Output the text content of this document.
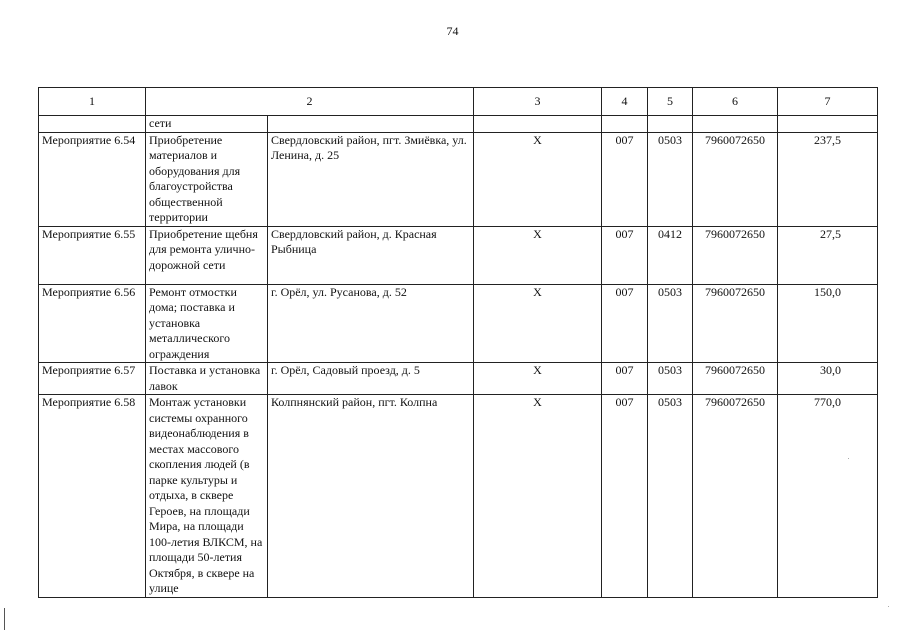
74
1	2		3	4	5	6	7
	сети						
Мероприятие 6.54	Приобретение материалов и оборудования для благоустройства общественной территории	Свердловский район, пгт. Змиёвка, ул. Ленина, д. 25	Х	007	0503	7960072650	237,5
Мероприятие 6.55	Приобретение щебня для ремонта улично-дорожной сети	Свердловский район, д. Красная Рыбница	Х	007	0412	7960072650	27,5
Мероприятие 6.56	Ремонт отмостки дома; поставка и установка металлического ограждения	г. Орёл, ул. Русанова, д. 52	Х	007	0503	7960072650	150,0
Мероприятие 6.57	Поставка и установка лавок	г. Орёл, Садовый проезд, д. 5	Х	007	0503	7960072650	30,0
Мероприятие 6.58	Монтаж установки системы охранного видеонаблюдения в местах массового скопления людей (в парке культуры и отдыха, в сквере Героев, на площади Мира, на площади 100-летия ВЛКСМ, на площади 50-летия Октября, в сквере на улице	Колпнянский район, пгт. Колпна	Х	007	0503	7960072650	770,0
